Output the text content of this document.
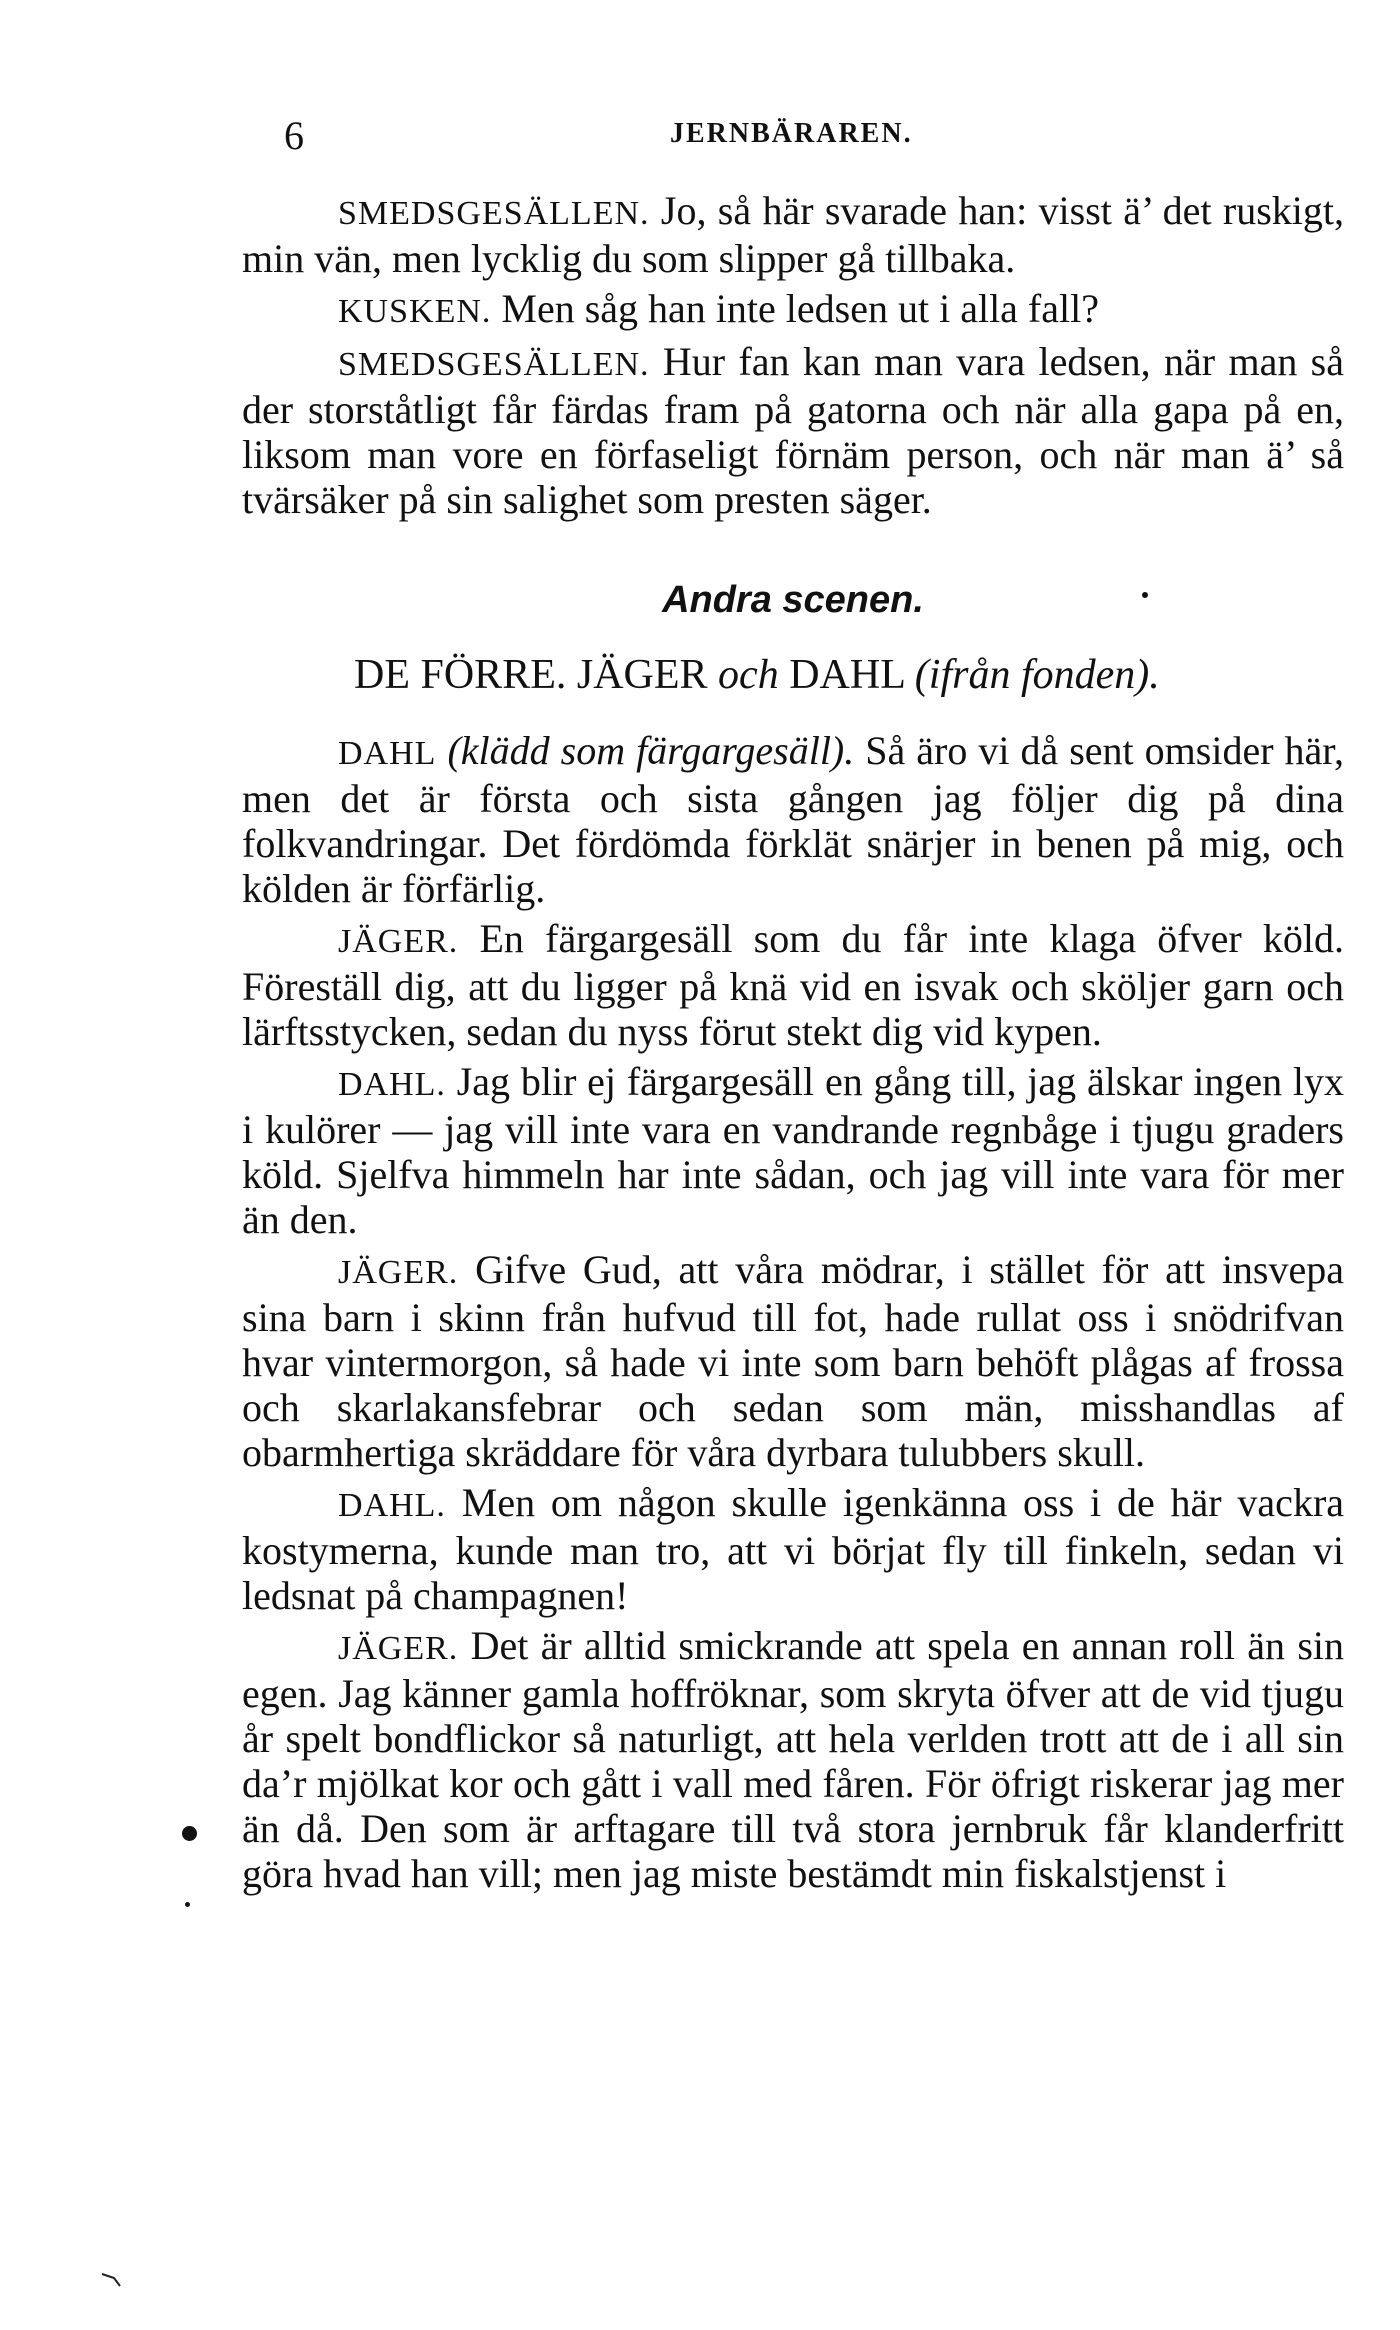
6	JERNBÄRAREN.

SMEDSGESÄLLEN. Jo, så här svarade han: visst ä’ det ruskigt, min vän, men lycklig du som slipper gå tillbaka.

KUSKEN. Men såg han inte ledsen ut i alla fall?

SMEDSGESÄLLEN. Hur fan kan man vara ledsen, när man så der storståtligt får färdas fram på gatorna och när alla gapa på en, liksom man vore en förfaseligt förnäm person, och när man ä’ så tvärsäker på sin salighet som presten säger.

Andra scenen.
DE FÖRRE. JÄGER och DAHL (ifrån fonden).

DAHL (klädd som färgargesäll). Så äro vi då sent omsider här, men det är första och sista gången jag följer dig på dina folkvandringar. Det fördömda förklät snärjer in benen på mig, och kölden är förfärlig.

JÄGER. En färgargesäll som du får inte klaga öfver köld. Föreställ dig, att du ligger på knä vid en isvak och sköljer garn och lärftsstycken, sedan du nyss förut stekt dig vid kypen.

DAHL. Jag blir ej färgargesäll en gång till, jag älskar ingen lyx i kulörer — jag vill inte vara en vandrande regnbåge i tjugu graders köld. Sjelfva himmeln har inte sådan, och jag vill inte vara för mer än den.

JÄGER. Gifve Gud, att våra mödrar, i stället för att insvepa sina barn i skinn från hufvud till fot, hade rullat oss i snödrifvan hvar vintermorgon, så hade vi inte som barn behöft plågas af frossa och skarlakansfebrar och sedan som män, misshandlas af obarmhertiga skräddare för våra dyrbara tulubbers skull.

DAHL. Men om någon skulle igenkänna oss i de här vackra kostymerna, kunde man tro, att vi börjat fly till finkeln, sedan vi ledsnat på champagnen!

JÄGER. Det är alltid smickrande att spela en annan roll än sin egen. Jag känner gamla hoffröknar, som skryta öfver att de vid tjugu år spelt bondflickor så naturligt, att hela verlden trott att de i all sin da’r mjölkat kor och gått i vall med fåren. För öfrigt riskerar jag mer än då. Den som är arftagare till två stora jernbruk får klanderfritt göra hvad han vill; men jag miste bestämdt min fiskalstjenst i
